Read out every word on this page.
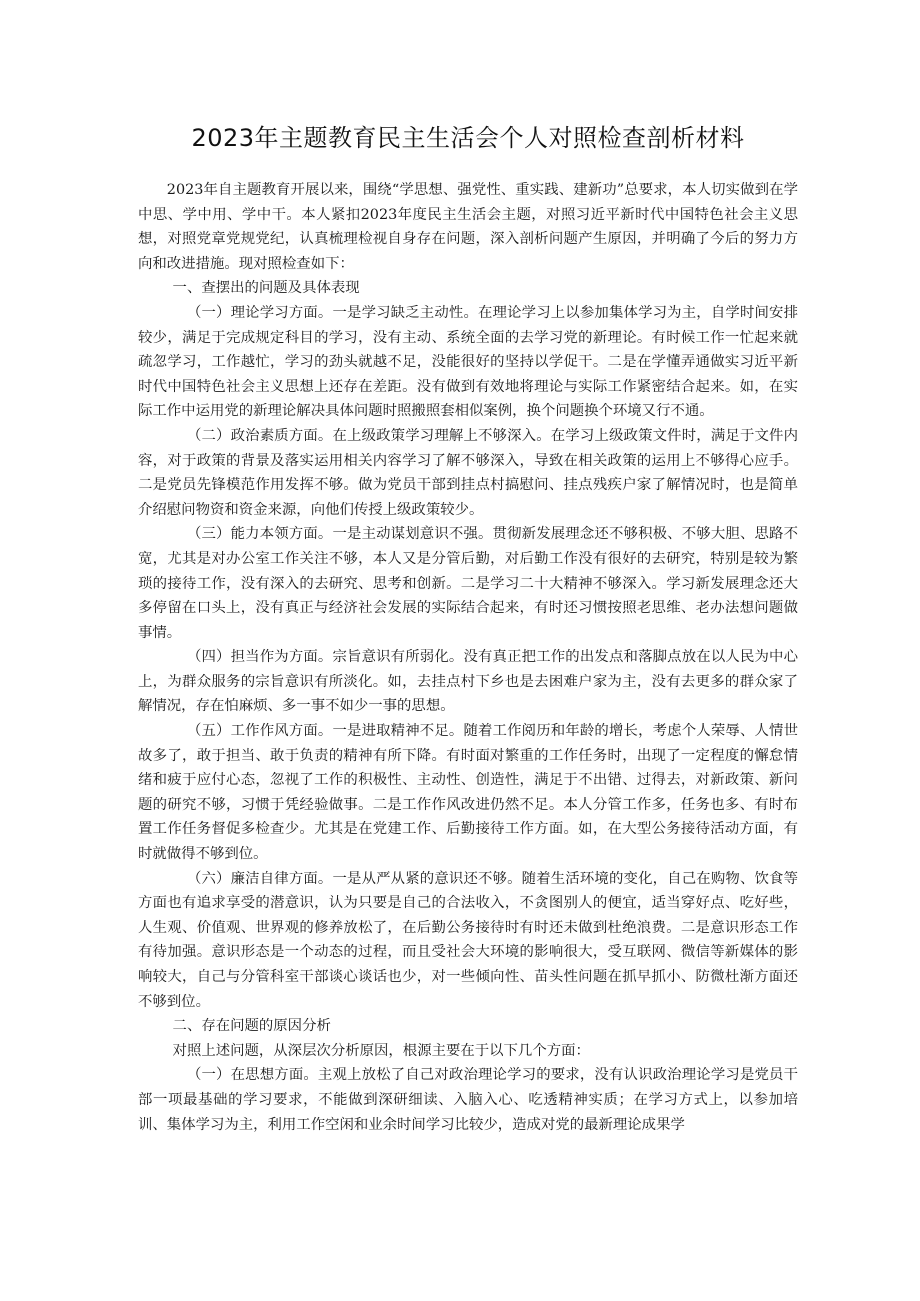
2023年主题教育民主生活会个人对照检查剖析材料

2023年自主题教育开展以来，围绕“学思想、强党性、重实践、建新功”总要求，本人切实做到在学中思、学中用、学中干。本人紧扣2023年度民主生活会主题，对照习近平新时代中国特色社会主义思想，对照党章党规党纪，认真梳理检视自身存在问题，深入剖析问题产生原因，并明确了今后的努力方向和改进措施。现对照检查如下：

一、查摆出的问题及具体表现

（一）理论学习方面。一是学习缺乏主动性。在理论学习上以参加集体学习为主，自学时间安排较少，满足于完成规定科目的学习，没有主动、系统全面的去学习党的新理论。有时候工作一忙起来就疏忽学习，工作越忙，学习的劲头就越不足，没能很好的坚持以学促干。二是在学懂弄通做实习近平新时代中国特色社会主义思想上还存在差距。没有做到有效地将理论与实际工作紧密结合起来。如，在实际工作中运用党的新理论解决具体问题时照搬照套相似案例，换个问题换个环境又行不通。

（二）政治素质方面。在上级政策学习理解上不够深入。在学习上级政策文件时，满足于文件内容，对于政策的背景及落实运用相关内容学习了解不够深入，导致在相关政策的运用上不够得心应手。二是党员先锋模范作用发挥不够。做为党员干部到挂点村搞慰问、挂点残疾户家了解情况时，也是简单介绍慰问物资和资金来源，向他们传授上级政策较少。

（三）能力本领方面。一是主动谋划意识不强。贯彻新发展理念还不够积极、不够大胆、思路不宽，尤其是对办公室工作关注不够，本人又是分管后勤，对后勤工作没有很好的去研究，特别是较为繁琐的接待工作，没有深入的去研究、思考和创新。二是学习二十大精神不够深入。学习新发展理念还大多停留在口头上，没有真正与经济社会发展的实际结合起来，有时还习惯按照老思维、老办法想问题做事情。

（四）担当作为方面。宗旨意识有所弱化。没有真正把工作的出发点和落脚点放在以人民为中心上，为群众服务的宗旨意识有所淡化。如，去挂点村下乡也是去困难户家为主，没有去更多的群众家了解情况，存在怕麻烦、多一事不如少一事的思想。

（五）工作作风方面。一是进取精神不足。随着工作阅历和年龄的增长，考虑个人荣辱、人情世故多了，敢于担当、敢于负责的精神有所下降。有时面对繁重的工作任务时，出现了一定程度的懈怠情绪和疲于应付心态，忽视了工作的积极性、主动性、创造性，满足于不出错、过得去，对新政策、新问题的研究不够，习惯于凭经验做事。二是工作作风改进仍然不足。本人分管工作多，任务也多、有时布置工作任务督促多检查少。尤其是在党建工作、后勤接待工作方面。如，在大型公务接待活动方面，有时就做得不够到位。

（六）廉洁自律方面。一是从严从紧的意识还不够。随着生活环境的变化，自己在购物、饮食等方面也有追求享受的潜意识，认为只要是自己的合法收入，不贪图别人的便宜，适当穿好点、吃好些，人生观、价值观、世界观的修养放松了，在后勤公务接待时有时还未做到杜绝浪费。二是意识形态工作有待加强。意识形态是一个动态的过程，而且受社会大环境的影响很大，受互联网、微信等新媒体的影响较大，自己与分管科室干部谈心谈话也少，对一些倾向性、苗头性问题在抓早抓小、防微杜渐方面还不够到位。

二、存在问题的原因分析

对照上述问题，从深层次分析原因，根源主要在于以下几个方面：

（一）在思想方面。主观上放松了自己对政治理论学习的要求，没有认识政治理论学习是党员干部一项最基础的学习要求，不能做到深研细读、入脑入心、吃透精神实质；在学习方式上，以参加培训、集体学习为主，利用工作空闲和业余时间学习比较少，造成对党的最新理论成果学
